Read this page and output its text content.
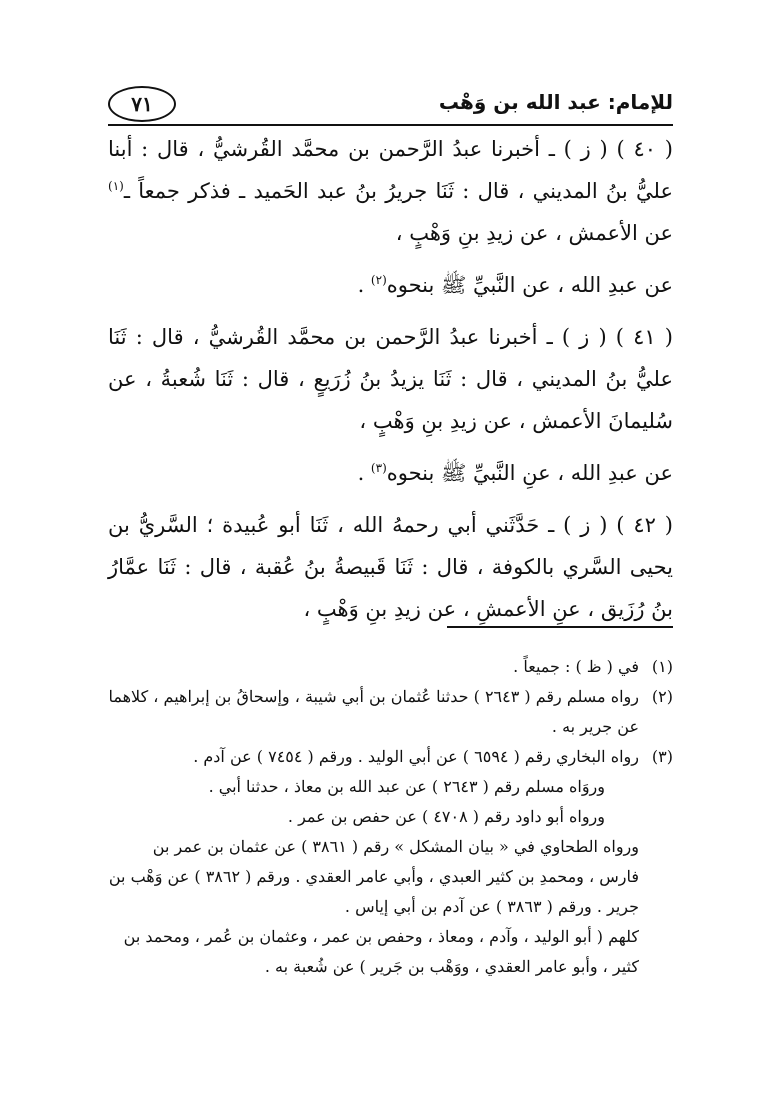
للإمام: عبد الله بن وَهْب
٧١

( ٤٠ ) ( ز ) ـ أخبرنا عبدُ الرَّحمن بن محمَّد القُرشيُّ ، قال : أبنا عليُّ بنُ المديني ، قال : ثَنَا جريرُ بنُ عبد الحَميد ـ فذكر جمعاً ـ$^{(١)}$ عن الأعمش ، عن زيدِ بنِ وَهْبٍ ،

عن عبدِ الله ، عن النَّبيِّ ﷺ بنحوه$^{(٢)}$ .

( ٤١ ) ( ز ) ـ أخبرنا عبدُ الرَّحمن بن محمَّد القُرشيُّ ، قال : ثَنَا عليُّ بنُ المديني ، قال : ثَنَا يزيدُ بنُ زُرَيعٍ ، قال : ثَنَا شُعبةُ ، عن سُليمانَ الأعمش ، عن زيدِ بنِ وَهْبٍ ،

عن عبدِ الله ، عنِ النَّبيِّ ﷺ بنحوه$^{(٣)}$ .

( ٤٢ ) ( ز ) ـ حَدَّثَني أبي رحمهُ الله ، ثَنَا أبو عُبيدة ؛ السَّريُّ بن يحيى السَّري بالكوفة ، قال : ثَنَا قَبيصةُ بنُ عُقبة ، قال : ثَنَا عمَّارُ بنُ رُزَيق ، عنِ الأعمشِ ، عن زيدِ بنِ وَهْبٍ ،

(١)
في ( ظ ) : جميعاً .
(٢)
رواه مسلم رقم ( ٢٦٤٣ ) حدثنا عُثمان بن أبي شيبة ، وإسحاقُ بن إبراهيم ، كلاهما عن جرير به .
(٣)
رواه البخاري رقم ( ٦٥٩٤ ) عن أبي الوليد . ورقم ( ٧٤٥٤ ) عن آدم .
وروَاه مسلم رقم ( ٢٦٤٣ ) عن عبد الله بن معاذ ، حدثنا أبي .
ورواه أبو داود رقم ( ٤٧٠٨ ) عن حفص بن عمر .
ورواه الطحاوي في « بيان المشكل » رقم ( ٣٨٦١ ) عن عثمان بن عمر بن فارس ، ومحمدِ بن كثير العبدي ، وأبي عامر العقدي . ورقم ( ٣٨٦٢ ) عن وَهْب بن جرير . ورقم ( ٣٨٦٣ ) عن آدم بن أبي إياس .
كلهم ( أبو الوليد ، وآدم ، ومعاذ ، وحفص بن عمر ، وعثمان بن عُمر ، ومحمد بن كثير ، وأبو عامر العقدي ، ووَهْب بن جَرير ) عن شُعبة به .
